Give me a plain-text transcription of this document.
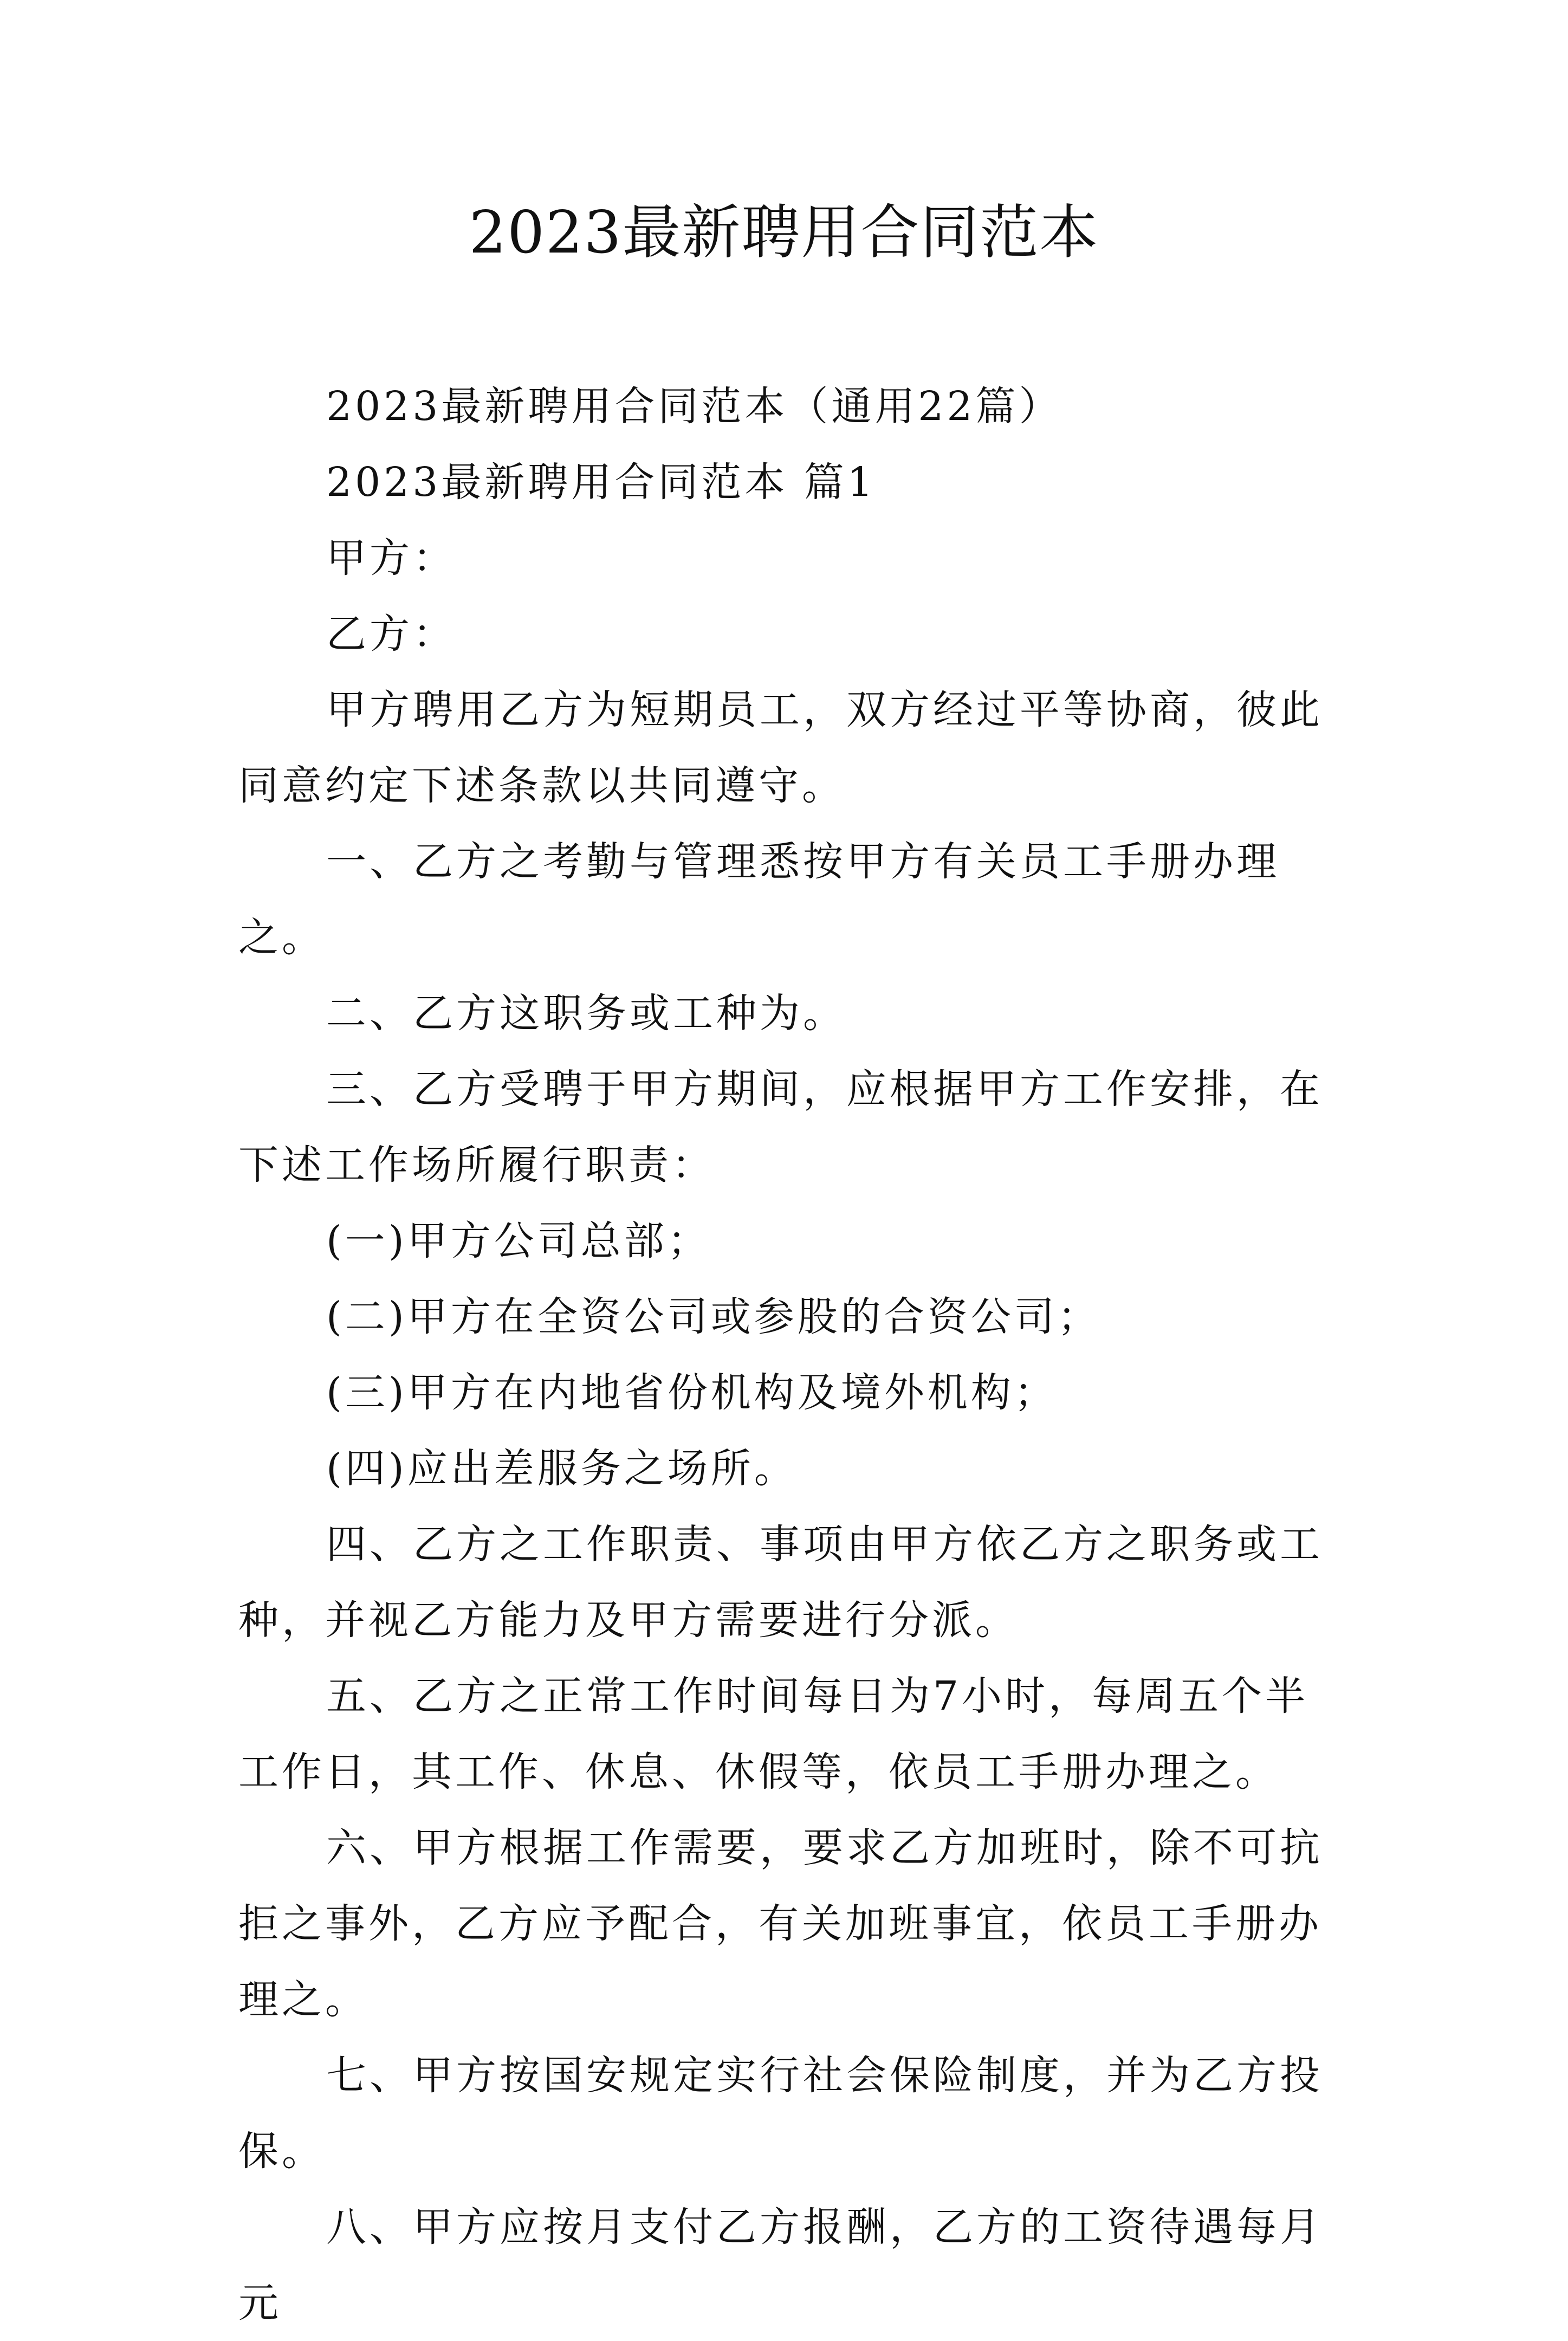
2023最新聘用合同范本

2023最新聘用合同范本（通用22篇）

2023最新聘用合同范本 篇1

甲方：

乙方：

甲方聘用乙方为短期员工，双方经过平等协商，彼此同意约定下述条款以共同遵守。

一、乙方之考勤与管理悉按甲方有关员工手册办理之。

二、乙方这职务或工种为。

三、乙方受聘于甲方期间，应根据甲方工作安排，在下述工作场所履行职责：

(一)甲方公司总部；

(二)甲方在全资公司或参股的合资公司；

(三)甲方在内地省份机构及境外机构；

(四)应出差服务之场所。

四、乙方之工作职责、事项由甲方依乙方之职务或工种，并视乙方能力及甲方需要进行分派。

五、乙方之正常工作时间每日为7小时，每周五个半工作日，其工作、休息、休假等，依员工手册办理之。

六、甲方根据工作需要，要求乙方加班时，除不可抗拒之事外，乙方应予配合，有关加班事宜，依员工手册办理之。

七、甲方按国安规定实行社会保险制度，并为乙方投保。

八、甲方应按月支付乙方报酬，乙方的工资待遇每月元
